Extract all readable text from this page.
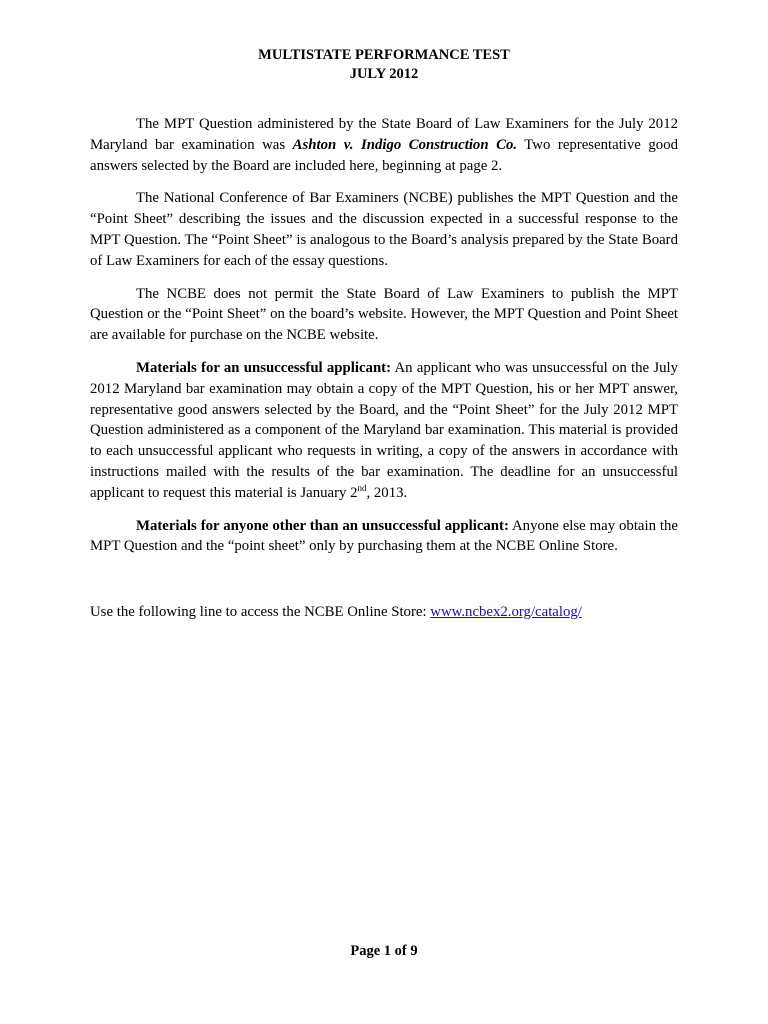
MULTISTATE PERFORMANCE TEST
JULY 2012

The MPT Question administered by the State Board of Law Examiners for the July 2012 Maryland bar examination was Ashton v. Indigo Construction Co. Two representative good answers selected by the Board are included here, beginning at page 2.

The National Conference of Bar Examiners (NCBE) publishes the MPT Question and the “Point Sheet” describing the issues and the discussion expected in a successful response to the MPT Question. The “Point Sheet” is analogous to the Board’s analysis prepared by the State Board of Law Examiners for each of the essay questions.

The NCBE does not permit the State Board of Law Examiners to publish the MPT Question or the “Point Sheet” on the board’s website. However, the MPT Question and Point Sheet are available for purchase on the NCBE website.

Materials for an unsuccessful applicant: An applicant who was unsuccessful on the July 2012 Maryland bar examination may obtain a copy of the MPT Question, his or her MPT answer, representative good answers selected by the Board, and the “Point Sheet” for the July 2012 MPT Question administered as a component of the Maryland bar examination. This material is provided to each unsuccessful applicant who requests in writing, a copy of the answers in accordance with instructions mailed with the results of the bar examination. The deadline for an unsuccessful applicant to request this material is January 2nd, 2013.

Materials for anyone other than an unsuccessful applicant: Anyone else may obtain the MPT Question and the “point sheet” only by purchasing them at the NCBE Online Store.

Use the following line to access the NCBE Online Store: www.ncbex2.org/catalog/
Page 1 of 9
